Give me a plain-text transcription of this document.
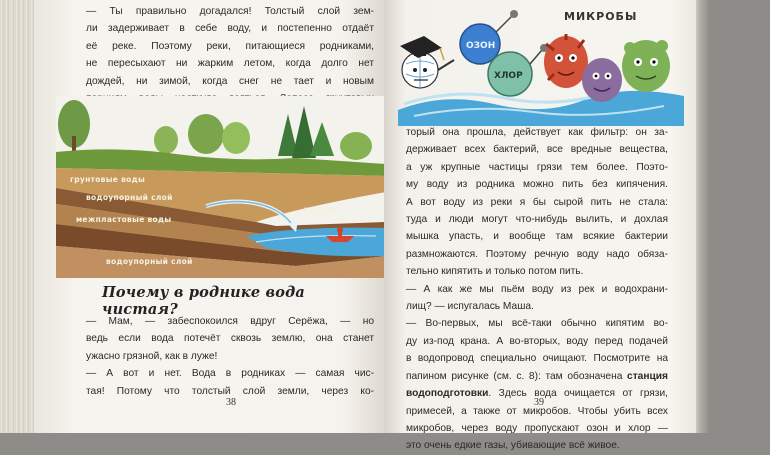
— Ты правильно догадался! Толстый слой зем-

ли задерживает в себе воду, и постепенно отдаёт

её реке. Поэтому реки, питающиеся родниками,

не пересыхают ни жарким летом, когда долго нет

дождей, ни зимой, когда снег не тает и новым

грунтовые воды
водоупорный слой
межпластовые воды
водоупорный слой
родник
Почему в роднике вода чистая?

— Мам, — забеспокоился вдруг Серёжа, — но

ведь если вода потечёт сквозь землю, она станет

ужасно грязной, как в луже!

— А вот и нет. Вода в родниках — самая чис-

тая! Потому что толстый слой земли, через ко-

38
ОЗОН
ХЛОР
МИКРОБЫ

торый она прошла, действует как фильтр: он за-

держивает всех бактерий, все вредные вещества,

а уж крупные частицы грязи тем более. Поэто-

му воду из родника можно пить без кипячения.

А вот воду из реки я бы сырой пить не стала:

туда и люди могут что-нибудь вылить, и дохлая

мышка упасть, и вообще там всякие бактерии

размножаются. Поэтому речную воду надо обяза-

тельно кипятить и только потом пить.

— А как же мы пьём воду из рек и водохрани-

лищ? — испугалась Маша.

— Во-первых, мы всё-таки обычно кипятим во-

ду из-под крана. А во-вторых, воду перед подачей

в водопровод специально очищают. Посмотрите на

папином рисунке (см. с. 8): там обозначена станция

водоподготовки. Здесь вода очищается от грязи,

примесей, а также от микробов. Чтобы убить всех

микробов, через воду пропускают озон и хлор —

это очень едкие газы, убивающие всё живое.

39
